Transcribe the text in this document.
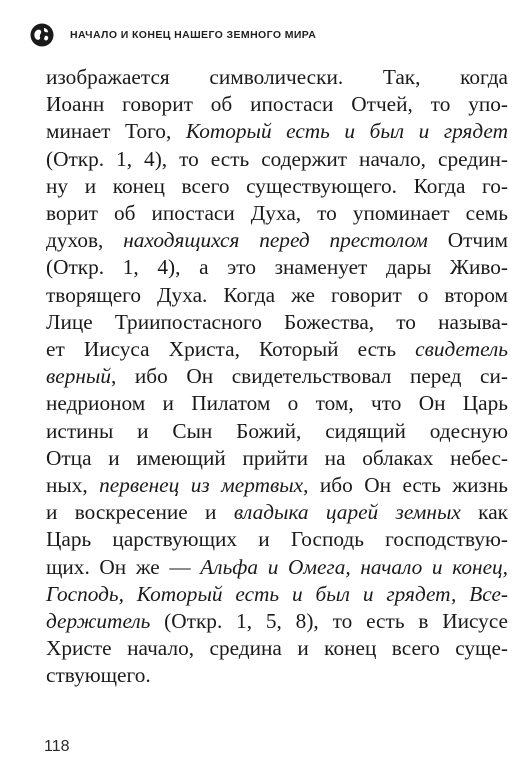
НАЧАЛО И КОНЕЦ НАШЕГО ЗЕМНОГО МИРА
изображается символически. Так, когда
Иоанн говорит об ипостаси Отчей, то упо-
минает Того, Который есть и был и грядет
(Откр. 1, 4), то есть содержит начало, средин-
ну и конец всего существующего. Когда го-
ворит об ипостаси Духа, то упоминает семь
духов, находящихся перед престолом Отчим
(Откр. 1, 4), а это знаменует дары Живо-
творящего Духа. Когда же говорит о втором
Лице Триипостасного Божества, то называ-
ет Иисуса Христа, Который есть свидетель
верный, ибо Он свидетельствовал перед си-
недрионом и Пилатом о том, что Он Царь
истины и Сын Божий, сидящий одесную
Отца и имеющий прийти на облаках небес-
ных, первенец из мертвых, ибо Он есть жизнь
и воскресение и владыка царей земных как
Царь царствующих и Господь господствую-
щих. Он же — Альфа и Омега, начало и конец,
Господь, Который есть и был и грядет, Все-
держитель (Откр. 1, 5, 8), то есть в Иисусе
Христе начало, средина и конец всего суще-
ствующего.
118
